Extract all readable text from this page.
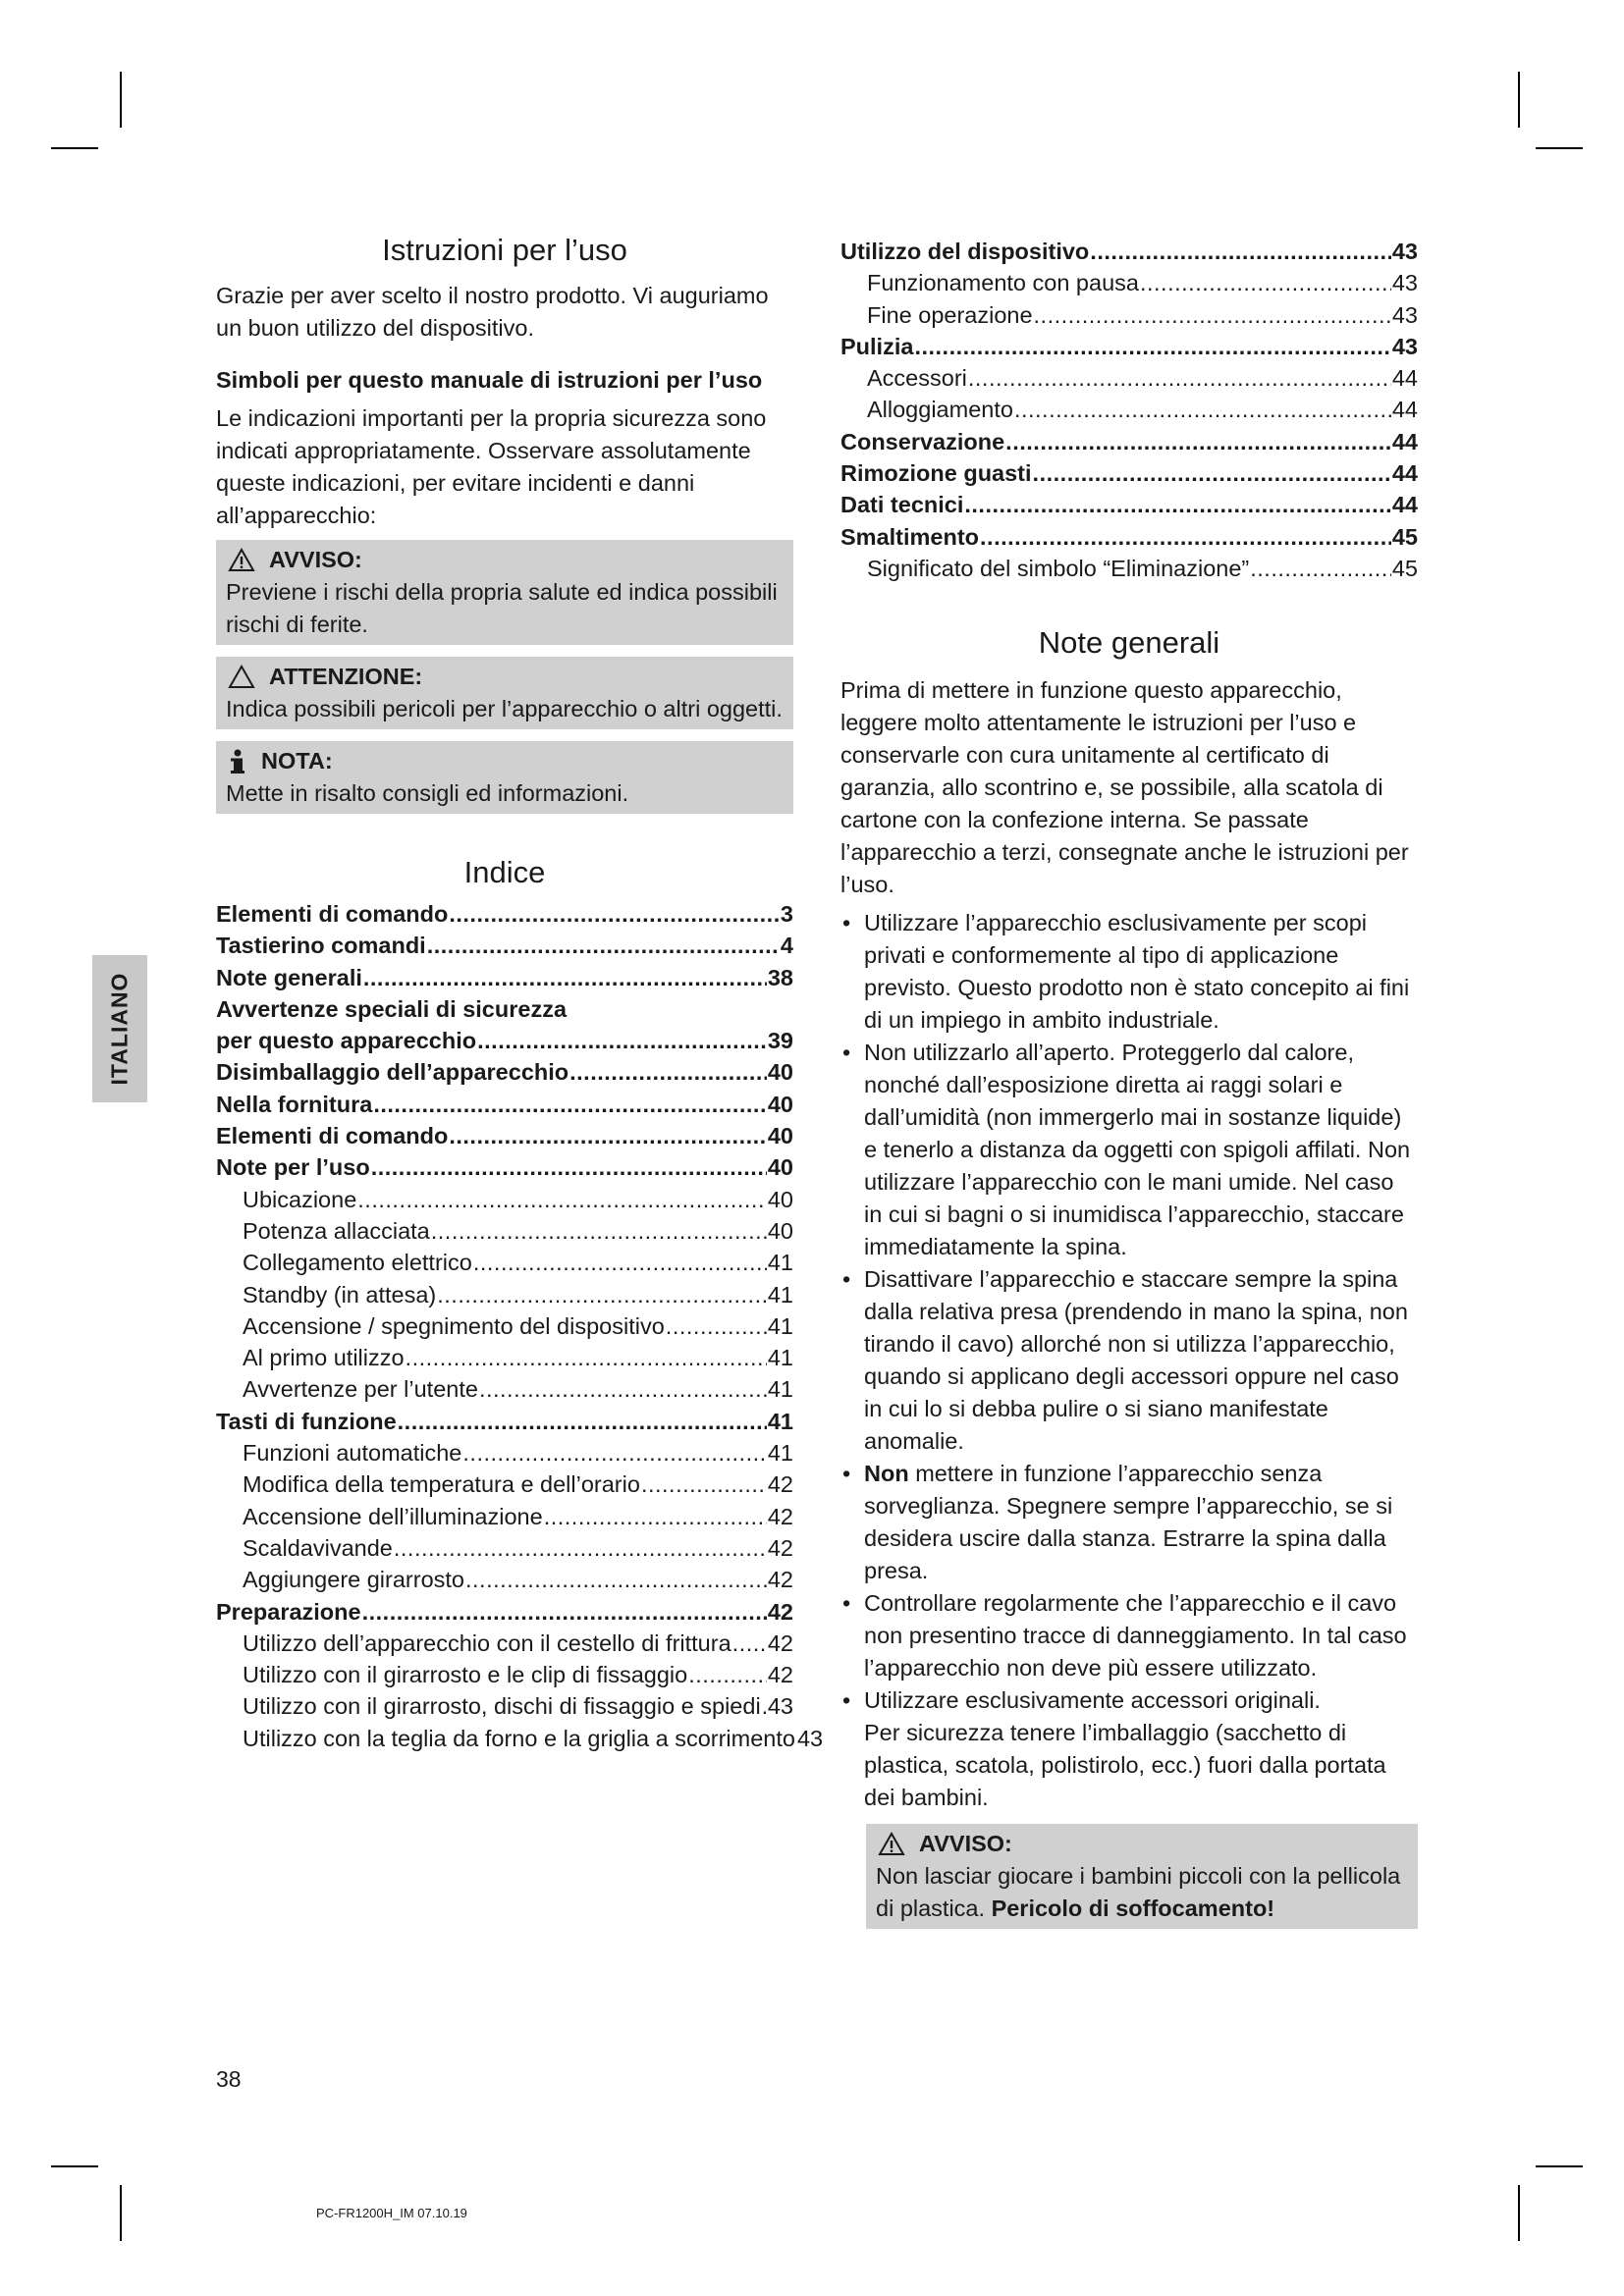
ITALIANO
Istruzioni per l’uso

Grazie per aver scelto il nostro prodotto. Vi auguriamo un buon utilizzo del dispositivo.

Simboli per questo manuale di istruzioni per l’uso

Le indicazioni importanti per la propria sicurezza sono indicati appropriatamente. Osservare assolutamente queste indicazioni, per evitare incidenti e danni all’apparecchio:

AVVISO:
Previene i rischi della propria salute ed indica possibili rischi di ferite.
ATTENZIONE:
Indica possibili pericoli per l’apparecchio o altri oggetti.
NOTA:
Mette in risalto consigli ed informazioni.
Indice
Elementi di comando .....	3
Tastierino comandi .....	4
Note generali .....	38
Avvertenze speciali di sicurezza
per questo apparecchio .....	39
Disimballaggio dell’apparecchio .....	40
Nella fornitura .....	40
Elementi di comando .....	40
Note per l’uso .....	40
Ubicazione .....	40
Potenza allacciata .....	40
Collegamento elettrico .....	41
Standby (in attesa) .....	41
Accensione / spegnimento del dispositivo .....	41
Al primo utilizzo .....	41
Avvertenze per l’utente .....	41
Tasti di funzione .....	41
Funzioni automatiche .....	41
Modifica della temperatura e dell’orario .....	42
Accensione dell’illuminazione .....	42
Scaldavivande .....	42
Aggiungere girarrosto .....	42
Preparazione .....	42
Utilizzo dell’apparecchio con il cestello di frittura ..... 42
Utilizzo con il girarrosto e le clip di fissaggio .....	42
Utilizzo con il girarrosto, dischi di fissaggio e spiedi ..... 43
Utilizzo con la teglia da forno e la griglia a scorrimento 43
Utilizzo del dispositivo .....	43
Funzionamento con pausa .....	43
Fine operazione .....	43
Pulizia .....	43
Accessori .....	44
Alloggiamento .....	44
Conservazione .....	44
Rimozione guasti .....	44
Dati tecnici .....	44
Smaltimento .....	45
Significato del simbolo “Eliminazione” .....	45
Note generali

Prima di mettere in funzione questo apparecchio, leggere molto attentamente le istruzioni per l’uso e conservarle con cura unitamente al certificato di garanzia, allo scontrino e, se possibile, alla scatola di cartone con la confezione interna. Se passate l’apparecchio a terzi, consegnate anche le istruzioni per l’uso.

• Utilizzare l’apparecchio esclusivamente per scopi privati e conformemente al tipo di applicazione previsto. Questo prodotto non è stato concepito ai fini di un impiego in ambito industriale.
• Non utilizzarlo all’aperto. Proteggerlo dal calore, nonché dall’esposizione diretta ai raggi solari e dall’umidità (non immergerlo mai in sostanze liquide) e tenerlo a distanza da oggetti con spigoli affilati. Non utilizzare l’apparecchio con le mani umide. Nel caso in cui si bagni o si inumidisca l’apparecchio, staccare immediatamente la spina.
• Disattivare l’apparecchio e staccare sempre la spina dalla relativa presa (prendendo in mano la spina, non tirando il cavo) allorché non si utilizza l’apparecchio, quando si applicano degli accessori oppure nel caso in cui lo si debba pulire o si siano manifestate anomalie.
• Non mettere in funzione l’apparecchio senza sorveglianza. Spegnere sempre l’apparecchio, se si desidera uscire dalla stanza. Estrarre la spina dalla presa.
• Controllare regolarmente che l’apparecchio e il cavo non presentino tracce di danneggiamento. In tal caso l’apparecchio non deve più essere utilizzato.
• Utilizzare esclusivamente accessori originali.
Per sicurezza tenere l’imballaggio (sacchetto di plastica, scatola, polistirolo, ecc.) fuori dalla portata dei bambini.
AVVISO:
Non lasciar giocare i bambini piccoli con la pellicola di plastica. Pericolo di soffocamento!
38
PC-FR1200H_IM 07.10.19
